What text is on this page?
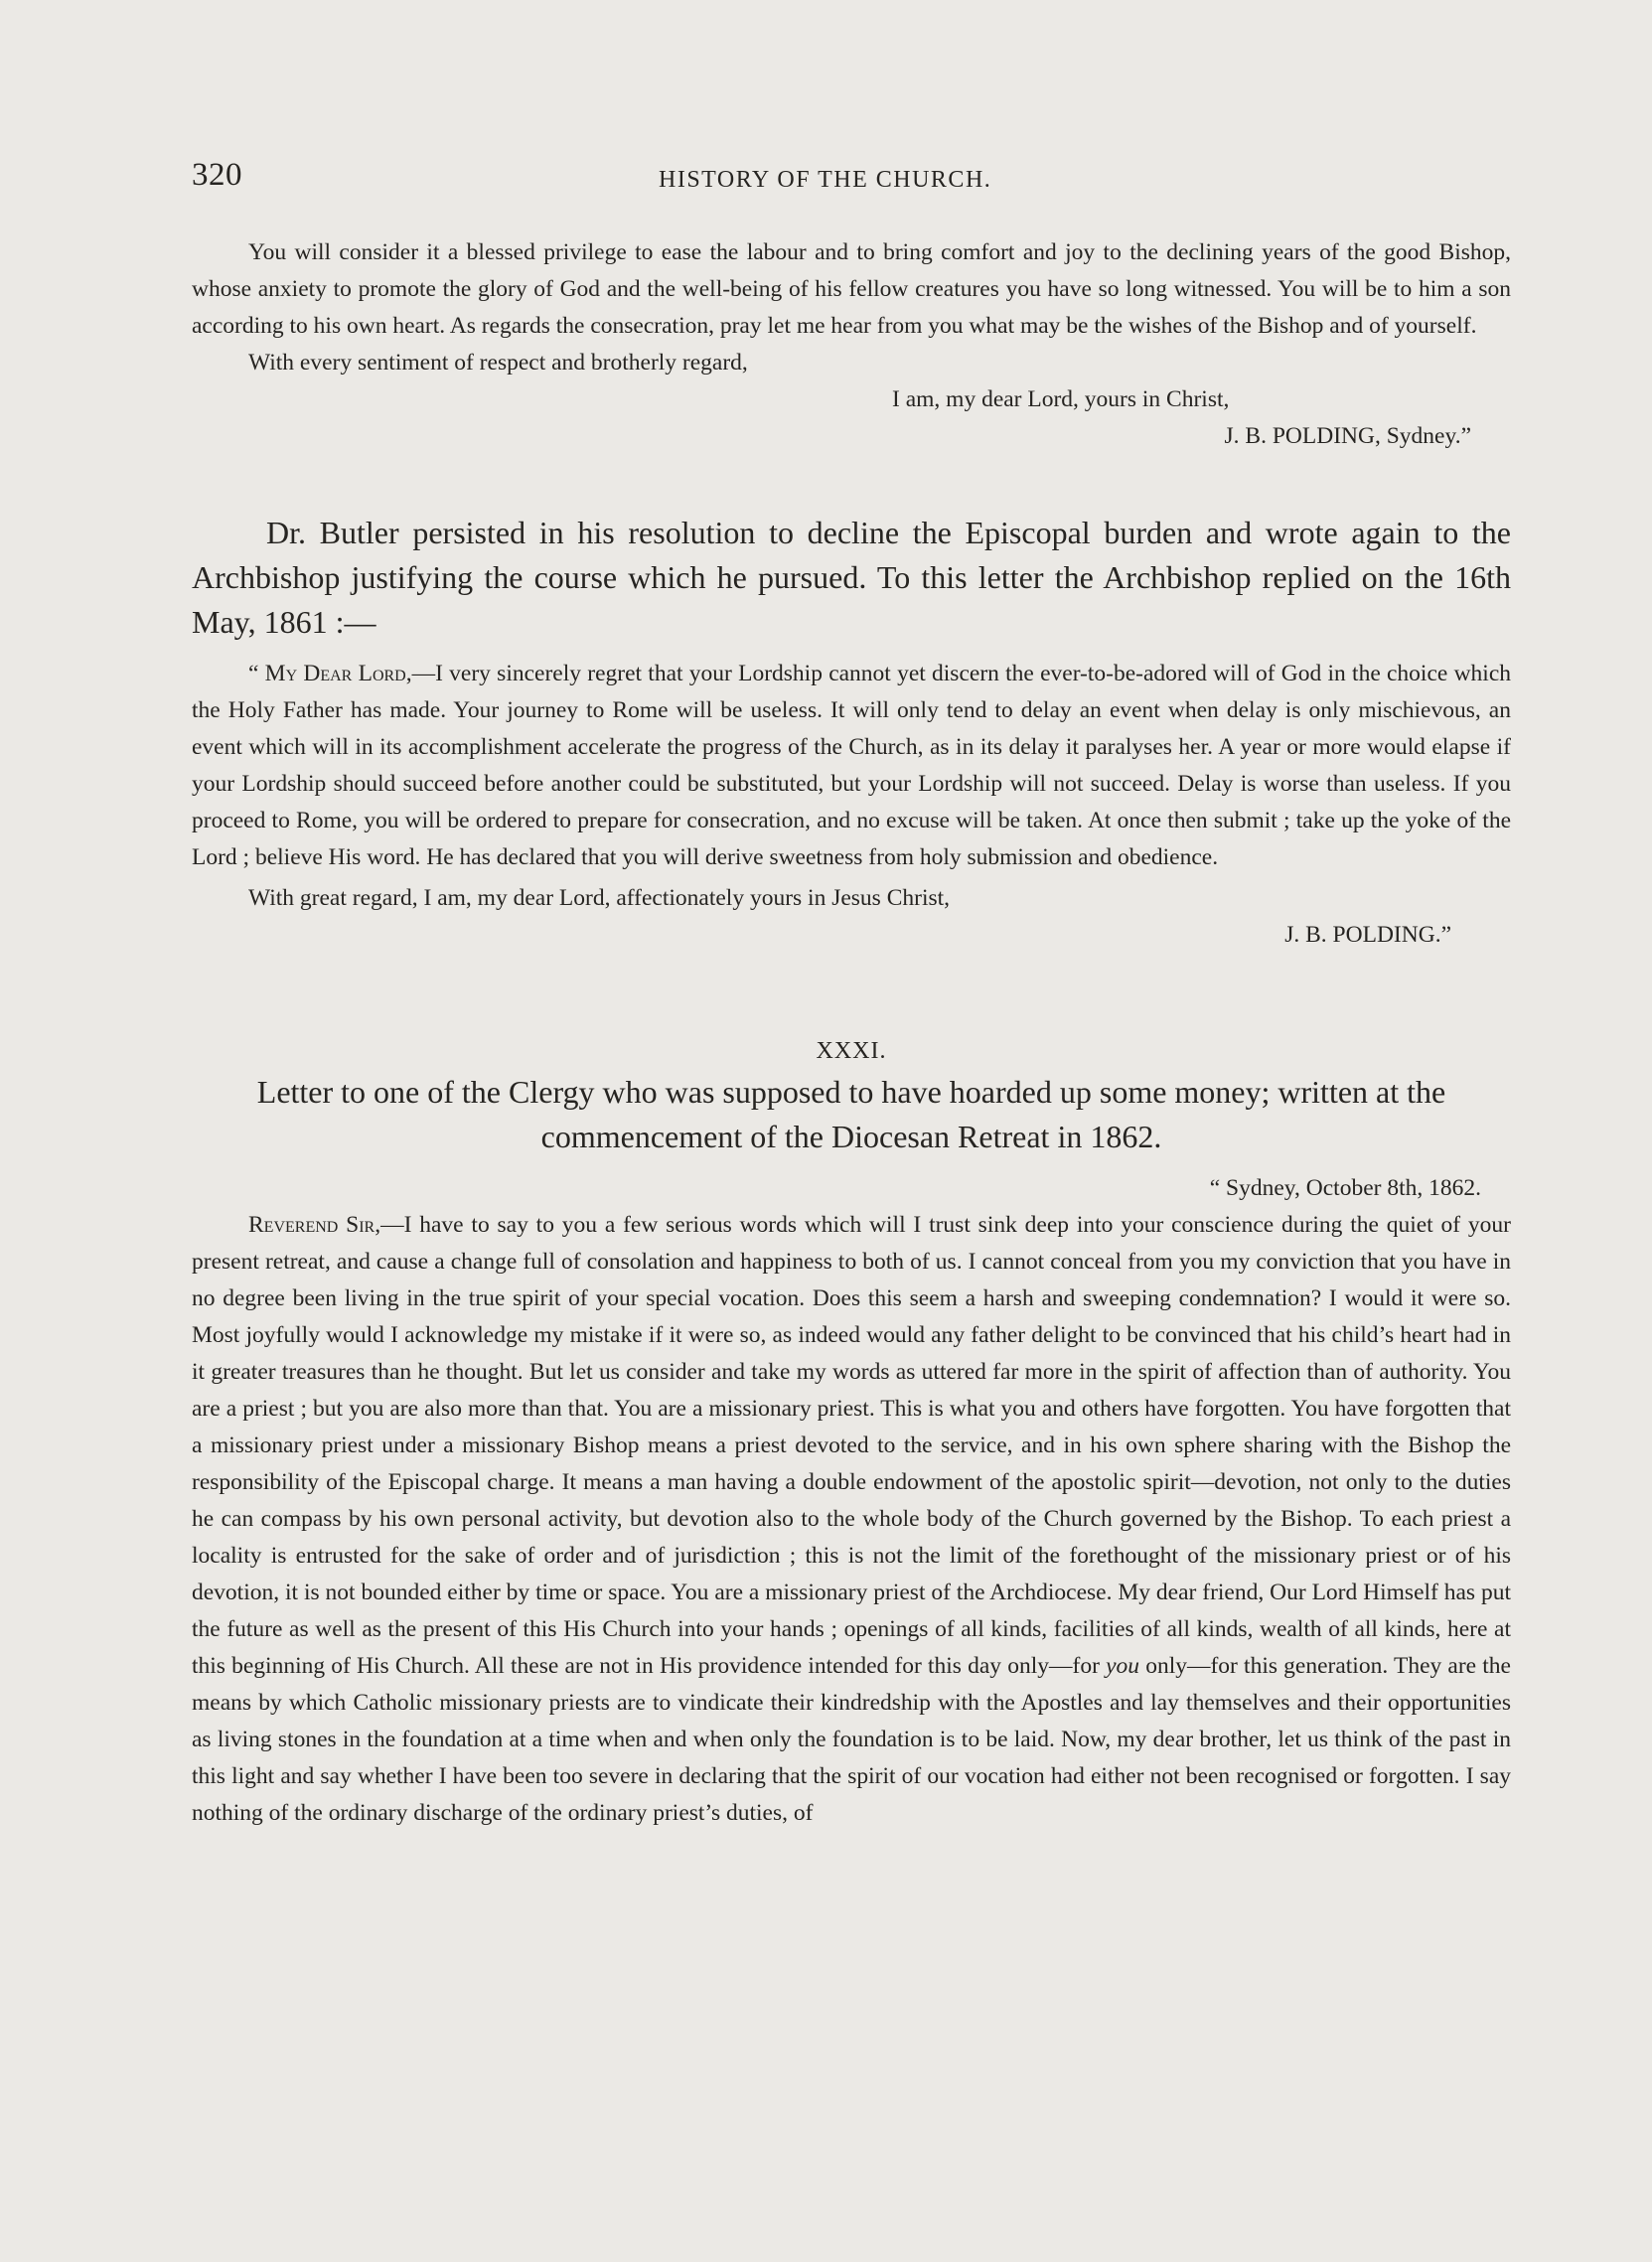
320	HISTORY OF THE CHURCH.

You will consider it a blessed privilege to ease the labour and to bring comfort and joy to the declining years of the good Bishop, whose anxiety to promote the glory of God and the well-being of his fellow creatures you have so long witnessed. You will be to him a son according to his own heart. As regards the consecration, pray let me hear from you what may be the wishes of the Bishop and of yourself.

With every sentiment of respect and brotherly regard,

I am, my dear Lord, yours in Christ,
J. B. POLDING, Sydney.”

Dr. Butler persisted in his resolution to decline the Episcopal burden and wrote again to the Archbishop justifying the course which he pursued. To this letter the Archbishop replied on the 16th May, 1861 :—

“ My Dear Lord,—I very sincerely regret that your Lordship cannot yet discern the ever-to-be-adored will of God in the choice which the Holy Father has made. Your journey to Rome will be useless. It will only tend to delay an event when delay is only mischievous, an event which will in its accomplishment accelerate the progress of the Church, as in its delay it paralyses her. A year or more would elapse if your Lordship should succeed before another could be substituted, but your Lordship will not succeed. Delay is worse than useless. If you proceed to Rome, you will be ordered to prepare for consecration, and no excuse will be taken. At once then submit ; take up the yoke of the Lord ; believe His word. He has declared that you will derive sweetness from holy submission and obedience.

With great regard, I am, my dear Lord, affectionately yours in Jesus Christ,

J. B. POLDING.”

XXXI.
Letter to one of the Clergy who was supposed to have hoarded up some money; written at the commencement of the Diocesan Retreat in 1862.

“ Sydney, October 8th, 1862.

Reverend Sir,—I have to say to you a few serious words which will I trust sink deep into your conscience during the quiet of your present retreat, and cause a change full of consolation and happiness to both of us. I cannot conceal from you my conviction that you have in no degree been living in the true spirit of your special vocation. Does this seem a harsh and sweeping condemnation? I would it were so. Most joyfully would I acknowledge my mistake if it were so, as indeed would any father delight to be convinced that his child’s heart had in it greater treasures than he thought. But let us consider and take my words as uttered far more in the spirit of affection than of authority. You are a priest ; but you are also more than that. You are a missionary priest. This is what you and others have forgotten. You have forgotten that a missionary priest under a missionary Bishop means a priest devoted to the service, and in his own sphere sharing with the Bishop the responsibility of the Episcopal charge. It means a man having a double endowment of the apostolic spirit—devotion, not only to the duties he can compass by his own personal activity, but devotion also to the whole body of the Church governed by the Bishop. To each priest a locality is entrusted for the sake of order and of jurisdiction ; this is not the limit of the forethought of the missionary priest or of his devotion, it is not bounded either by time or space. You are a missionary priest of the Archdiocese. My dear friend, Our Lord Himself has put the future as well as the present of this His Church into your hands ; openings of all kinds, facilities of all kinds, wealth of all kinds, here at this beginning of His Church. All these are not in His providence intended for this day only—for you only—for this generation. They are the means by which Catholic missionary priests are to vindicate their kindredship with the Apostles and lay themselves and their opportunities as living stones in the foundation at a time when and when only the foundation is to be laid. Now, my dear brother, let us think of the past in this light and say whether I have been too severe in declaring that the spirit of our vocation had either not been recognised or forgotten. I say nothing of the ordinary discharge of the ordinary priest’s duties, of
